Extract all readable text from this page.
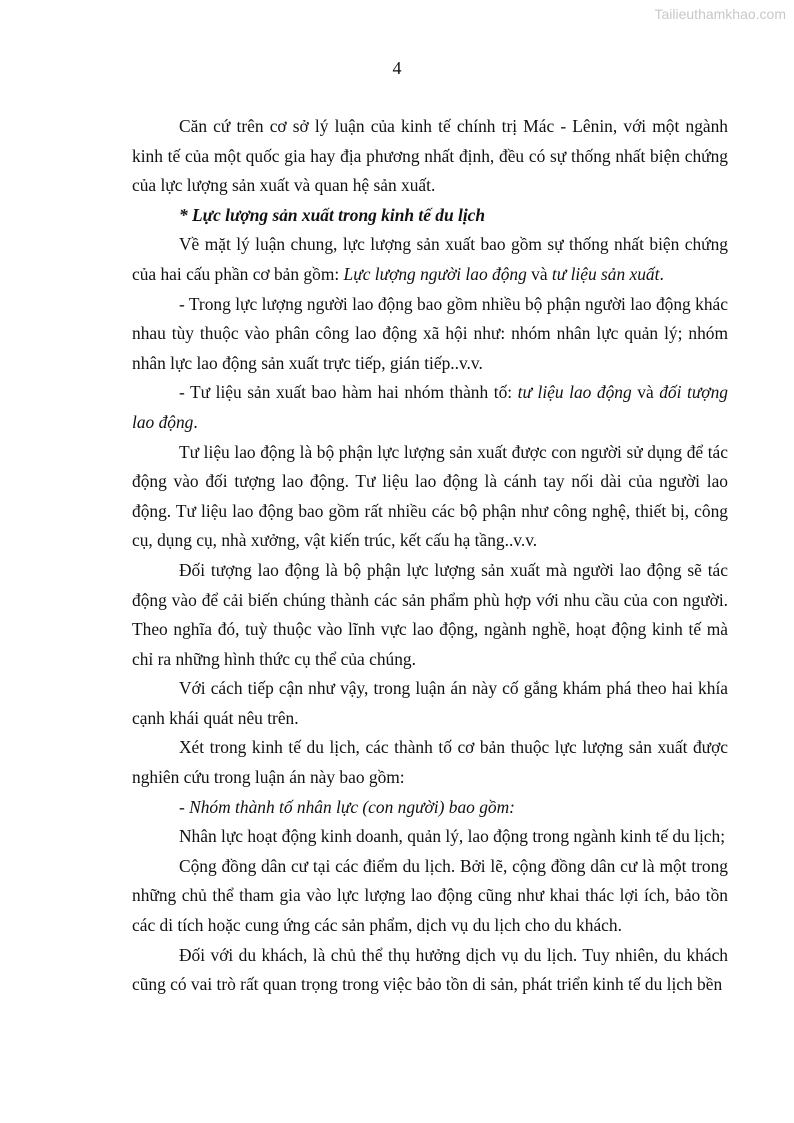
Tailieuthamkhao.com
4

Căn cứ trên cơ sở lý luận của kinh tế chính trị Mác - Lênin, với một ngành kinh tế của một quốc gia hay địa phương nhất định, đều có sự thống nhất biện chứng của lực lượng sản xuất và quan hệ sản xuất.

* Lực lượng sản xuất trong kinh tế du lịch

Về mặt lý luận chung, lực lượng sản xuất bao gồm sự thống nhất biện chứng của hai cấu phần cơ bản gồm: Lực lượng người lao động và tư liệu sản xuất.

- Trong lực lượng người lao động bao gồm nhiều bộ phận người lao động khác nhau tùy thuộc vào phân công lao động xã hội như: nhóm nhân lực quản lý; nhóm nhân lực lao động sản xuất trực tiếp, gián tiếp..v.v.

- Tư liệu sản xuất bao hàm hai nhóm thành tố: tư liệu lao động và đối tượng lao động.

Tư liệu lao động là bộ phận lực lượng sản xuất được con người sử dụng để tác động vào đối tượng lao động. Tư liệu lao động là cánh tay nối dài của người lao động. Tư liệu lao động bao gồm rất nhiều các bộ phận như công nghệ, thiết bị, công cụ, dụng cụ, nhà xưởng, vật kiến trúc, kết cấu hạ tầng..v.v.

Đối tượng lao động là bộ phận lực lượng sản xuất mà người lao động sẽ tác động vào để cải biến chúng thành các sản phẩm phù hợp với nhu cầu của con người. Theo nghĩa đó, tuỳ thuộc vào lĩnh vực lao động, ngành nghề, hoạt động kinh tế mà chỉ ra những hình thức cụ thể của chúng.

Với cách tiếp cận như vậy, trong luận án này cố gắng khám phá theo hai khía cạnh khái quát nêu trên.

Xét trong kinh tế du lịch, các thành tố cơ bản thuộc lực lượng sản xuất được nghiên cứu trong luận án này bao gồm:

- Nhóm thành tố nhân lực (con người) bao gồm:

Nhân lực hoạt động kinh doanh, quản lý, lao động trong ngành kinh tế du lịch;

Cộng đồng dân cư tại các điểm du lịch. Bởi lẽ, cộng đồng dân cư là một trong những chủ thể tham gia vào lực lượng lao động cũng như khai thác lợi ích, bảo tồn các di tích hoặc cung ứng các sản phẩm, dịch vụ du lịch cho du khách.

Đối với du khách, là chủ thể thụ hưởng dịch vụ du lịch. Tuy nhiên, du khách cũng có vai trò rất quan trọng trong việc bảo tồn di sản, phát triển kinh tế du lịch bền
